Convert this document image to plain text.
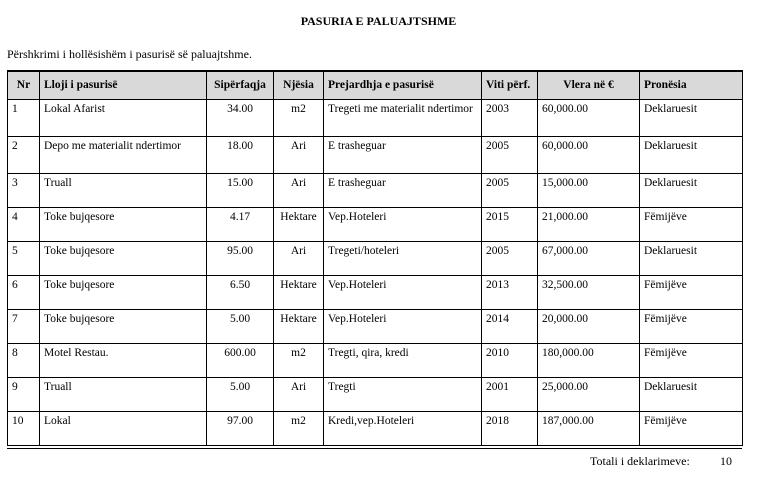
PASURIA E PALUAJTSHME
Përshkrimi i hollësishëm i pasurisë së paluajtshme.
Nr	Lloji i pasurisë	Sipërfaqja	Njësia	Prejardhja e pasurisë	Viti përf.	Vlera në €	Pronësia
1	Lokal Afarist	34.00	m2	Tregeti me materialit ndertimor	2003	60,000.00	Deklaruesit
2	Depo me materialit ndertimor	18.00	Ari	E trasheguar	2005	60,000.00	Deklaruesit
3	Truall	15.00	Ari	E trasheguar	2005	15,000.00	Deklaruesit
4	Toke bujqesore	4.17	Hektare	Vep.Hoteleri	2015	21,000.00	Fëmijëve
5	Toke bujqesore	95.00	Ari	Tregeti/hoteleri	2005	67,000.00	Deklaruesit
6	Toke bujqesore	6.50	Hektare	Vep.Hoteleri	2013	32,500.00	Fëmijëve
7	Toke bujqesore	5.00	Hektare	Vep.Hoteleri	2014	20,000.00	Fëmijëve
8	Motel Restau.	600.00	m2	Tregti, qira, kredi	2010	180,000.00	Fëmijëve
9	Truall	5.00	Ari	Tregti	2001	25,000.00	Deklaruesit
10	Lokal	97.00	m2	Kredi,vep.Hoteleri	2018	187,000.00	Fëmijëve
Totali i deklarimeve:	10
